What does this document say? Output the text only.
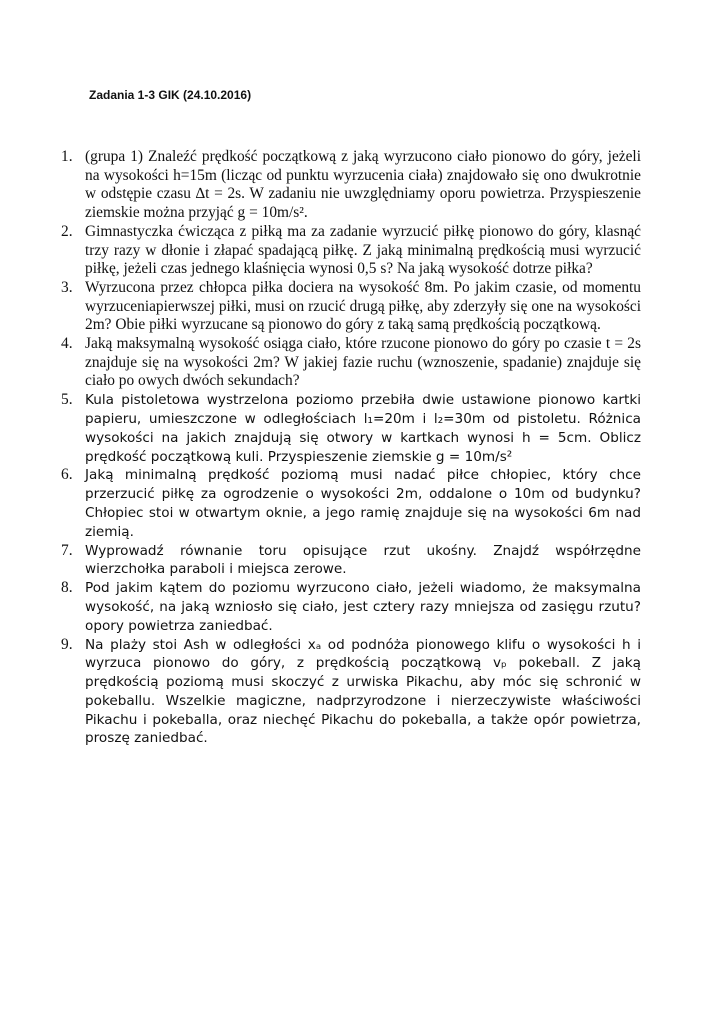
Zadania 1-3 GIK (24.10.2016)
1. (grupa 1) Znaleźć prędkość początkową z jaką wyrzucono ciało pionowo do góry, jeżeli na wysokości h=15m (licząc od punktu wyrzucenia ciała) znajdowało się ono dwukrotnie w odstępie czasu ∆t = 2s. W zadaniu nie uwzględniamy oporu powietrza. Przyspieszenie ziemskie można przyjąć g = 10m/s².
2. Gimnastyczka ćwicząca z piłką ma za zadanie wyrzucić piłkę pionowo do góry, klasnąć trzy razy w dłonie i złapać spadającą piłkę. Z jaką minimalną prędkością musi wyrzucić piłkę, jeżeli czas jednego klaśnięcia wynosi 0,5 s? Na jaką wysokość dotrze piłka?
3. Wyrzucona przez chłopca piłka dociera na wysokość 8m. Po jakim czasie, od momentu wyrzuceniapierwszej piłki, musi on rzucić drugą piłkę, aby zderzyły się one na wysokości 2m? Obie piłki wyrzucane są pionowo do góry z taką samą prędkością początkową.
4. Jaką maksymalną wysokość osiąga ciało, które rzucone pionowo do góry po czasie t = 2s znajduje się na wysokości 2m? W jakiej fazie ruchu (wznoszenie, spadanie) znajduje się ciało po owych dwóch sekundach?
5. Kula pistoletowa wystrzelona poziomo przebiła dwie ustawione pionowo kartki papieru, umieszczone w odległościach l₁=20m i l₂=30m od pistoletu. Różnica wysokości na jakich znajdują się otwory w kartkach wynosi h = 5cm. Oblicz prędkość początkową kuli. Przyspieszenie ziemskie g = 10m/s²
6. Jaką minimalną prędkość poziomą musi nadać piłce chłopiec, który chce przerzucić piłkę za ogrodzenie o wysokości 2m, oddalone o 10m od budynku? Chłopiec stoi w otwartym oknie, a jego ramię znajduje się na wysokości 6m nad ziemią.
7. Wyprowadź równanie toru opisujące rzut ukośny. Znajdź współrzędne wierzchołka paraboli i miejsca zerowe.
8. Pod jakim kątem do poziomu wyrzucono ciało, jeżeli wiadomo, że maksymalna wysokość, na jaką wzniosło się ciało, jest cztery razy mniejsza od zasięgu rzutu? opory powietrza zaniedbać.
9. Na plaży stoi Ash w odległości xₐ od podnóża pionowego klifu o wysokości h i wyrzuca pionowo do góry, z prędkością początkową vₚ pokeball. Z jaką prędkością poziomą musi skoczyć z urwiska Pikachu, aby móc się schronić w pokeballu. Wszelkie magiczne, nadprzyrodzone i nierzeczywiste właściwości Pikachu i pokeballa, oraz niechęć Pikachu do pokeballa, a także opór powietrza, proszę zaniedbać.
